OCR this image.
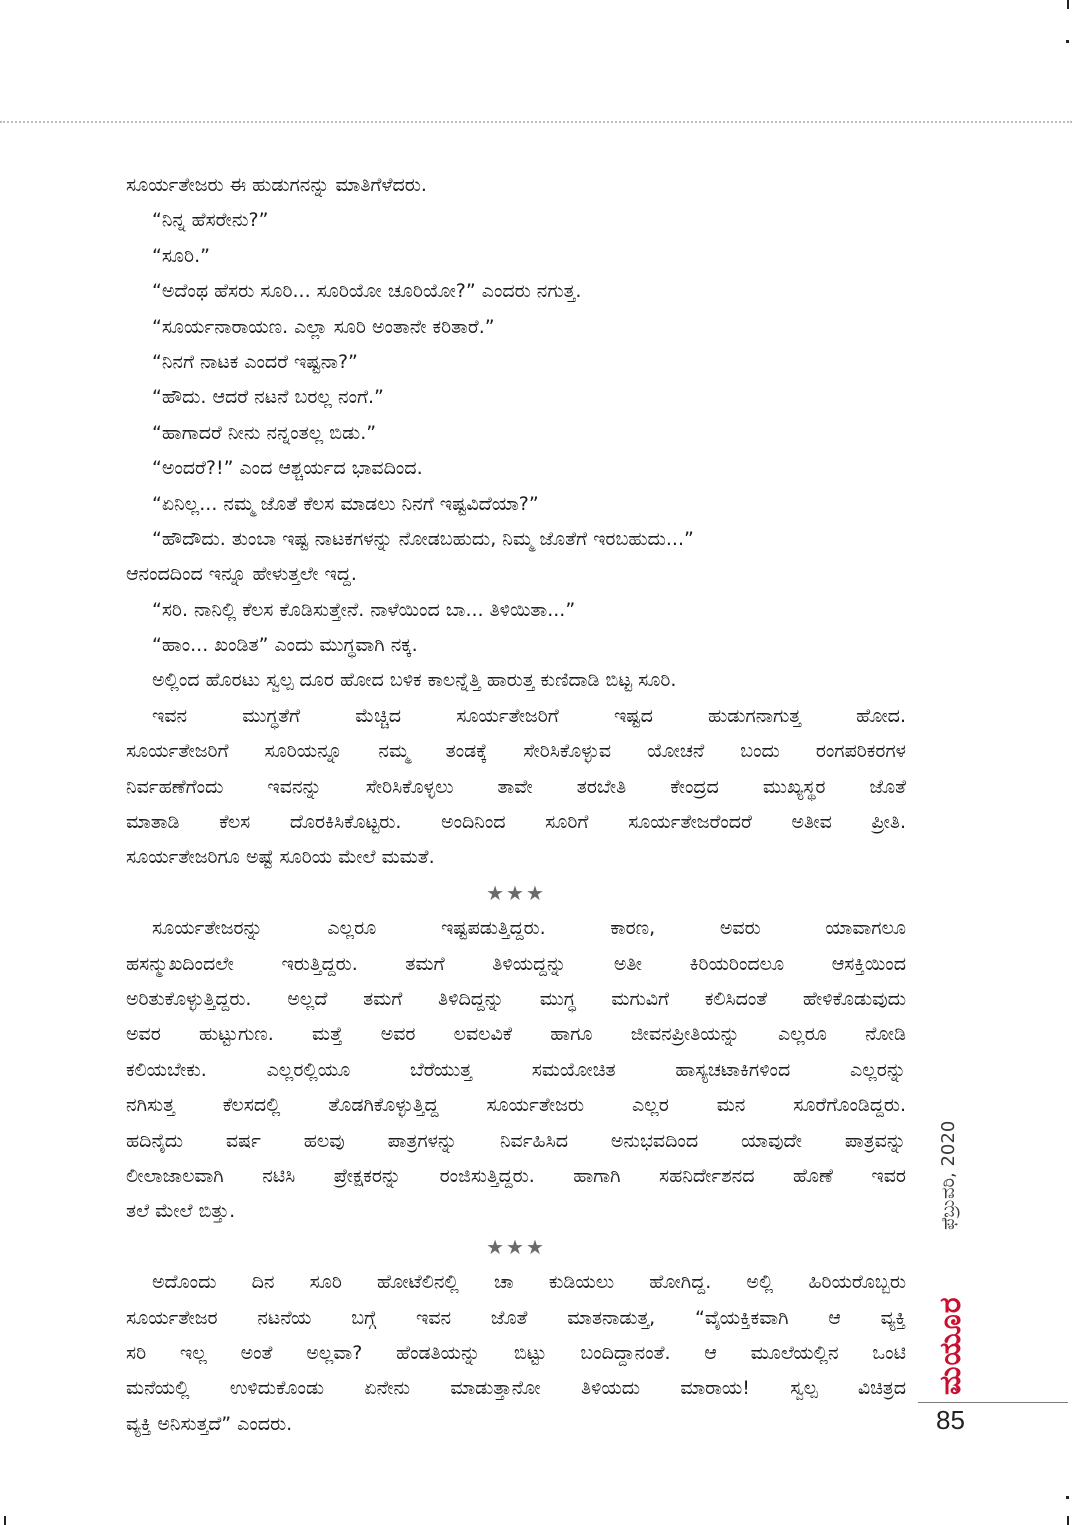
ಸೂರ್ಯತೇಜರು ಈ ಹುಡುಗನನ್ನು ಮಾತಿಗೆಳೆದರು.
“ನಿನ್ನ ಹೆಸರೇನು?”
“ಸೂರಿ.”
“ಅದೆಂಥ ಹೆಸರು ಸೂರಿ... ಸೂರಿಯೋ ಚೂರಿಯೋ?” ಎಂದರು ನಗುತ್ತ.
“ಸೂರ್ಯನಾರಾಯಣ. ಎಲ್ಲಾ ಸೂರಿ ಅಂತಾನೇ ಕರಿತಾರೆ.”
“ನಿನಗೆ ನಾಟಕ ಎಂದರೆ ಇಷ್ಟನಾ?”
“ಹೌದು. ಆದರೆ ನಟನೆ ಬರಲ್ಲ ನಂಗೆ.”
“ಹಾಗಾದರೆ ನೀನು ನನ್ನಂತಲ್ಲ ಬಿಡು.”
“ಅಂದರೆ?!” ಎಂದ ಆಶ್ಚರ್ಯದ ಭಾವದಿಂದ.
“ಏನಿಲ್ಲ... ನಮ್ಮ ಜೊತೆ ಕೆಲಸ ಮಾಡಲು ನಿನಗೆ ಇಷ್ಟವಿದೆಯಾ?”
“ಹೌದೌದು. ತುಂಬಾ ಇಷ್ಟ ನಾಟಕಗಳನ್ನು ನೋಡಬಹುದು, ನಿಮ್ಮ ಜೊತೆಗೆ ಇರಬಹುದು...”
ಆನಂದದಿಂದ ಇನ್ನೂ ಹೇಳುತ್ತಲೇ ಇದ್ದ.
“ಸರಿ. ನಾನಿಲ್ಲಿ ಕೆಲಸ ಕೊಡಿಸುತ್ತೇನೆ. ನಾಳೆಯಿಂದ ಬಾ... ತಿಳಿಯಿತಾ...”
“ಹಾಂ... ಖಂಡಿತ” ಎಂದು ಮುಗ್ಧವಾಗಿ ನಕ್ಕ.
ಅಲ್ಲಿಂದ ಹೊರಟು ಸ್ವಲ್ಪ ದೂರ ಹೋದ ಬಳಿಕ ಕಾಲನ್ನೆತ್ತಿ ಹಾರುತ್ತ ಕುಣಿದಾಡಿ ಬಿಟ್ಟ ಸೂರಿ.
ಇವನ ಮುಗ್ಧತೆಗೆ ಮೆಚ್ಚಿದ ಸೂರ್ಯತೇಜರಿಗೆ ಇಷ್ಟದ ಹುಡುಗನಾಗುತ್ತ ಹೋದ.
ಸೂರ್ಯತೇಜರಿಗೆ ಸೂರಿಯನ್ನೂ ನಮ್ಮ ತಂಡಕ್ಕೆ ಸೇರಿಸಿಕೊಳ್ಳುವ ಯೋಚನೆ ಬಂದು ರಂಗಪರಿಕರಗಳ
ನಿರ್ವಹಣೆಗೆಂದು ಇವನನ್ನು ಸೇರಿಸಿಕೊಳ್ಳಲು ತಾವೇ ತರಬೇತಿ ಕೇಂದ್ರದ ಮುಖ್ಯಸ್ಥರ ಜೊತೆ
ಮಾತಾಡಿ ಕೆಲಸ ದೊರಕಿಸಿಕೊಟ್ಟರು. ಅಂದಿನಿಂದ ಸೂರಿಗೆ ಸೂರ್ಯತೇಜರೆಂದರೆ ಅತೀವ ಪ್ರೀತಿ.
ಸೂರ್ಯತೇಜರಿಗೂ ಅಷ್ಟೆ ಸೂರಿಯ ಮೇಲೆ ಮಮತೆ.
★★★
ಸೂರ್ಯತೇಜರನ್ನು ಎಲ್ಲರೂ ಇಷ್ಟಪಡುತ್ತಿದ್ದರು. ಕಾರಣ, ಅವರು ಯಾವಾಗಲೂ
ಹಸನ್ಮುಖದಿಂದಲೇ ಇರುತ್ತಿದ್ದರು. ತಮಗೆ ತಿಳಿಯದ್ದನ್ನು ಅತೀ ಕಿರಿಯರಿಂದಲೂ ಆಸಕ್ತಿಯಿಂದ
ಅರಿತುಕೊಳ್ಳುತ್ತಿದ್ದರು. ಅಲ್ಲದೆ ತಮಗೆ ತಿಳಿದಿದ್ದನ್ನು ಮುಗ್ಧ ಮಗುವಿಗೆ ಕಲಿಸಿದಂತೆ ಹೇಳಿಕೊಡುವುದು
ಅವರ ಹುಟ್ಟುಗುಣ. ಮತ್ತೆ ಅವರ ಲವಲವಿಕೆ ಹಾಗೂ ಜೀವನಪ್ರೀತಿಯನ್ನು ಎಲ್ಲರೂ ನೋಡಿ
ಕಲಿಯಬೇಕು. ಎಲ್ಲರಲ್ಲಿಯೂ ಬೆರೆಯುತ್ತ ಸಮಯೋಚಿತ ಹಾಸ್ಯಚಟಾಕಿಗಳಿಂದ ಎಲ್ಲರನ್ನು
ನಗಿಸುತ್ತ ಕೆಲಸದಲ್ಲಿ ತೊಡಗಿಕೊಳ್ಳುತ್ತಿದ್ದ ಸೂರ್ಯತೇಜರು ಎಲ್ಲರ ಮನ ಸೂರೆಗೊಂಡಿದ್ದರು.
ಹದಿನೈದು ವರ್ಷ ಹಲವು ಪಾತ್ರಗಳನ್ನು ನಿರ್ವಹಿಸಿದ ಅನುಭವದಿಂದ ಯಾವುದೇ ಪಾತ್ರವನ್ನು
ಲೀಲಾಜಾಲವಾಗಿ ನಟಿಸಿ ಪ್ರೇಕ್ಷಕರನ್ನು ರಂಜಿಸುತ್ತಿದ್ದರು. ಹಾಗಾಗಿ ಸಹನಿರ್ದೇಶನದ ಹೊಣೆ ಇವರ
ತಲೆ ಮೇಲೆ ಬಿತ್ತು.
★★★
ಅದೊಂದು ದಿನ ಸೂರಿ ಹೋಟೆಲಿನಲ್ಲಿ ಚಾ ಕುಡಿಯಲು ಹೋಗಿದ್ದ. ಅಲ್ಲಿ ಹಿರಿಯರೊಬ್ಬರು
ಸೂರ್ಯತೇಜರ ನಟನೆಯ ಬಗ್ಗೆ ಇವನ ಜೊತೆ ಮಾತನಾಡುತ್ತ, “ವೈಯಕ್ತಿಕವಾಗಿ ಆ ವ್ಯಕ್ತಿ
ಸರಿ ಇಲ್ಲ ಅಂತೆ ಅಲ್ಲವಾ? ಹೆಂಡತಿಯನ್ನು ಬಿಟ್ಟು ಬಂದಿದ್ದಾನಂತೆ. ಆ ಮೂಲೆಯಲ್ಲಿನ ಒಂಟಿ
ಮನೆಯಲ್ಲಿ ಉಳಿದುಕೊಂಡು ಏನೇನು ಮಾಡುತ್ತಾನೋ ತಿಳಿಯದು ಮಾರಾಯ! ಸ್ವಲ್ಪ ವಿಚಿತ್ರದ
ವ್ಯಕ್ತಿ ಅನಿಸುತ್ತದೆ” ಎಂದರು.
ಫೆಬ್ರುವರಿ, 2020
ಮಯೂರ
85
